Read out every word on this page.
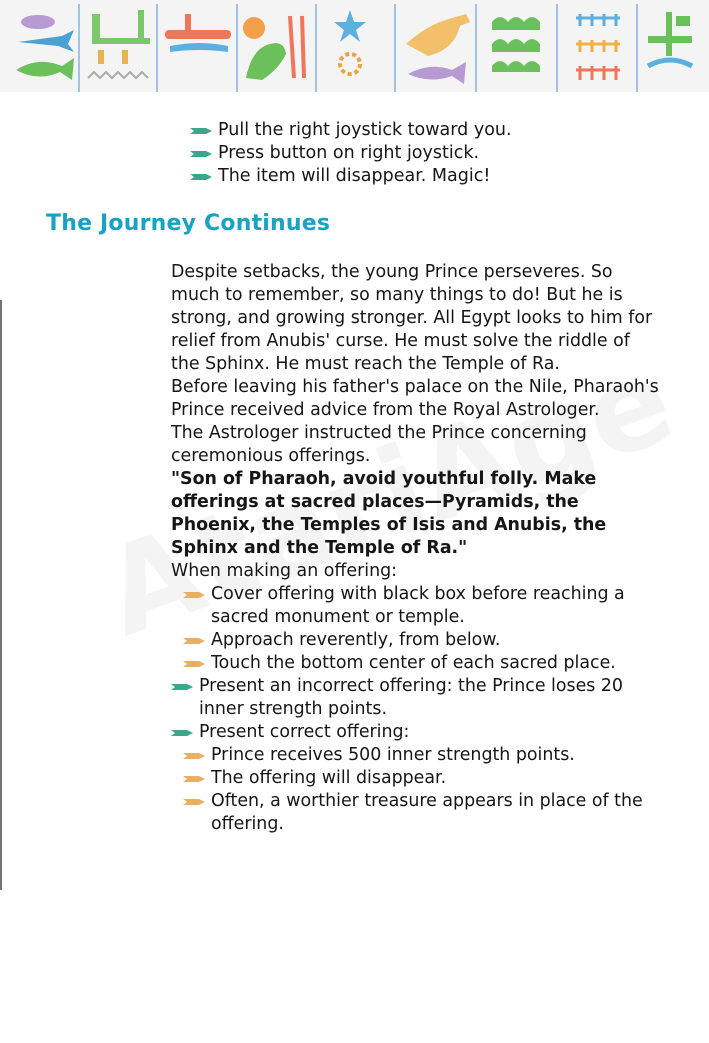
Pull the right joystick toward you.
Press button on right joystick.
The item will disappear. Magic!
The Journey Continues

Despite setbacks, the young Prince perseveres. So much to remember, so many things to do! But he is strong, and growing stronger. All Egypt looks to him for relief from Anubis' curse. He must solve the riddle of the Sphinx. He must reach the Temple of Ra.

Before leaving his father's palace on the Nile, Pharaoh's Prince received advice from the Royal Astrologer.

The Astrologer instructed the Prince concerning ceremonious offerings.

"Son of Pharaoh, avoid youthful folly. Make offerings at sacred places—Pyramids, the Phoenix, the Temples of Isis and Anubis, the Sphinx and the Temple of Ra."

When making an offering:

Cover offering with black box before reaching a sacred monument or temple.
Approach reverently, from below.
Touch the bottom center of each sacred place.
Present an incorrect offering: the Prince loses 20 inner strength points.
Present correct offering:
Prince receives 500 inner strength points.
The offering will disappear.
Often, a worthier treasure appears in place of the offering.
